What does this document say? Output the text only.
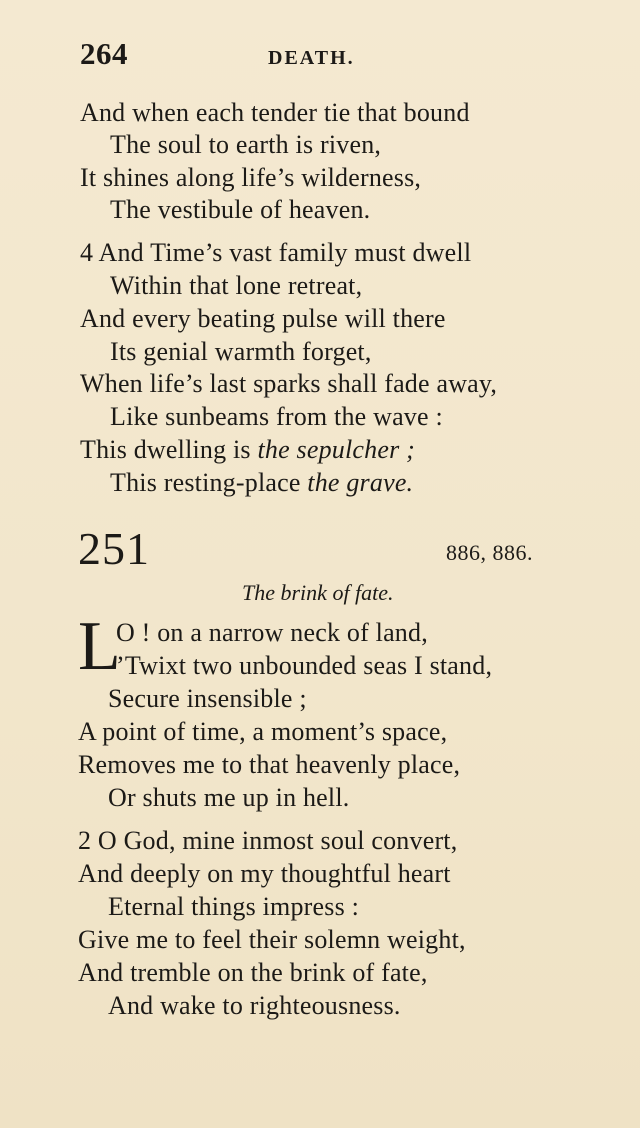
264	DEATH.
And when each tender tie that bound
The soul to earth is riven,
It shines along life’s wilderness,
The vestibule of heaven.
4 And Time’s vast family must dwell
Within that lone retreat,
And every beating pulse will there
Its genial warmth forget,
When life’s last sparks shall fade away,
Like sunbeams from the wave :
This dwelling is the sepulcher ;
This resting-place the grave.
251	886, 886.
The brink of fate.
L
O ! on a narrow neck of land,
’Twixt two unbounded seas I stand,
Secure insensible ;
A point of time, a moment’s space,
Removes me to that heavenly place,
Or shuts me up in hell.
2 O God, mine inmost soul convert,
And deeply on my thoughtful heart
Eternal things impress :
Give me to feel their solemn weight,
And tremble on the brink of fate,
And wake to righteousness.
